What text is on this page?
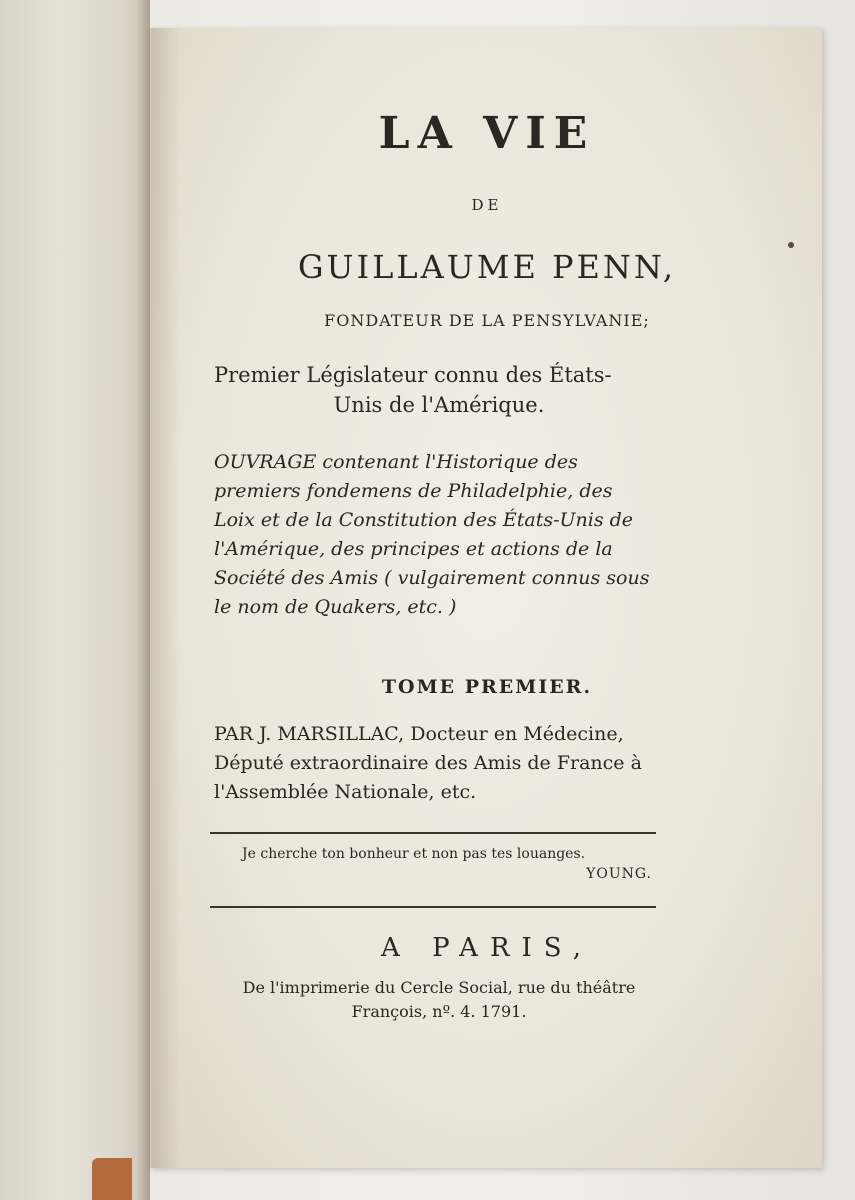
LA VIE
DE
GUILLAUME PENN,
FONDATEUR DE LA PENSYLVANIE;
Premier Législateur connu des États-
Unis de l'Amérique.
OUVRAGE contenant l'Historique des premiers fondemens de Philadelphie, des Loix et de la Constitution des États-Unis de l'Amérique, des principes et actions de la Société des Amis ( vulgairement connus sous le nom de Quakers, etc. )
TOME PREMIER.
PAR J. MARSILLAC, Docteur en Médecine, Député extraordinaire des Amis de France à l'Assemblée Nationale, etc.
Je cherche ton bonheur et non pas tes louanges.
YOUNG.
A PARIS,
De l'imprimerie du Cercle Social, rue du théâtre
François, nº. 4. 1791.
